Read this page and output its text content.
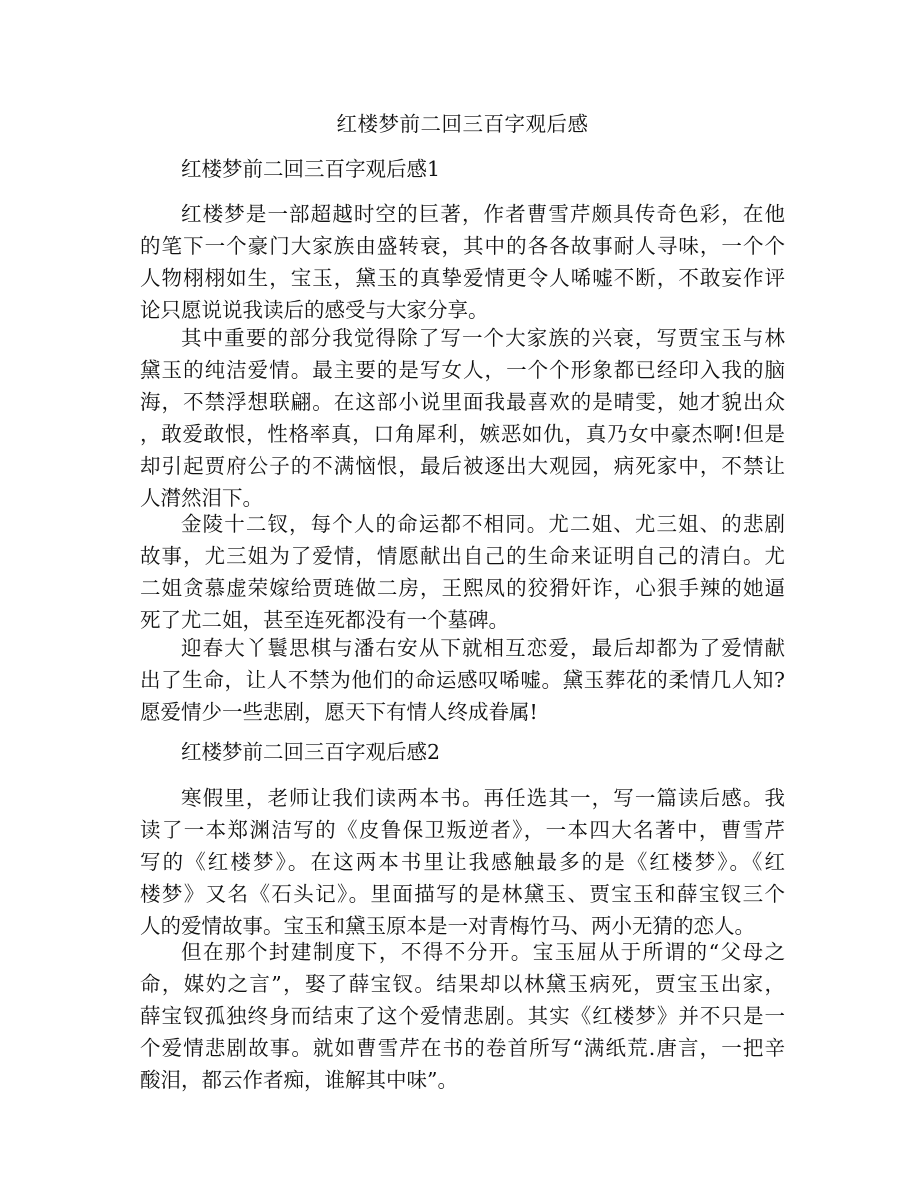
红楼梦前二回三百字观后感
红楼梦前二回三百字观后感1
红楼梦是一部超越时空的巨著，作者曹雪芹颇具传奇色彩，在他
的笔下一个豪门大家族由盛转衰，其中的各各故事耐人寻味，一个个
人物栩栩如生，宝玉，黛玉的真挚爱情更令人唏嘘不断，不敢妄作评
论只愿说说我读后的感受与大家分享。
其中重要的部分我觉得除了写一个大家族的兴衰，写贾宝玉与林
黛玉的纯洁爱情。最主要的是写女人，一个个形象都已经印入我的脑
海，不禁浮想联翩。在这部小说里面我最喜欢的是晴雯，她才貌出众
，敢爱敢恨，性格率真，口角犀利，嫉恶如仇，真乃女中豪杰啊!但是
却引起贾府公子的不满恼恨，最后被逐出大观园，病死家中，不禁让
人潸然泪下。
金陵十二钗，每个人的命运都不相同。尤二姐、尤三姐、的悲剧
故事，尤三姐为了爱情，情愿献出自己的生命来证明自己的清白。尤
二姐贪慕虚荣嫁给贾琏做二房，王熙凤的狡猾奸诈，心狠手辣的她逼
死了尤二姐，甚至连死都没有一个墓碑。
迎春大丫鬟思棋与潘右安从下就相互恋爱，最后却都为了爱情献
出了生命，让人不禁为他们的命运感叹唏嘘。黛玉葬花的柔情几人知?
愿爱情少一些悲剧，愿天下有情人终成眷属!
红楼梦前二回三百字观后感2
寒假里，老师让我们读两本书。再任选其一，写一篇读后感。我
读了一本郑渊洁写的《皮鲁保卫叛逆者》，一本四大名著中，曹雪芹
写的《红楼梦》。在这两本书里让我感触最多的是《红楼梦》。《红
楼梦》又名《石头记》。里面描写的是林黛玉、贾宝玉和薛宝钗三个
人的爱情故事。宝玉和黛玉原本是一对青梅竹马、两小无猜的恋人。
但在那个封建制度下，不得不分开。宝玉屈从于所谓的“父母之
命，媒妁之言”，娶了薛宝钗。结果却以林黛玉病死，贾宝玉出家，
薛宝钗孤独终身而结束了这个爱情悲剧。其实《红楼梦》并不只是一
个爱情悲剧故事。就如曹雪芹在书的卷首所写“满纸荒.唐言，一把辛
酸泪，都云作者痴，谁解其中味”。
